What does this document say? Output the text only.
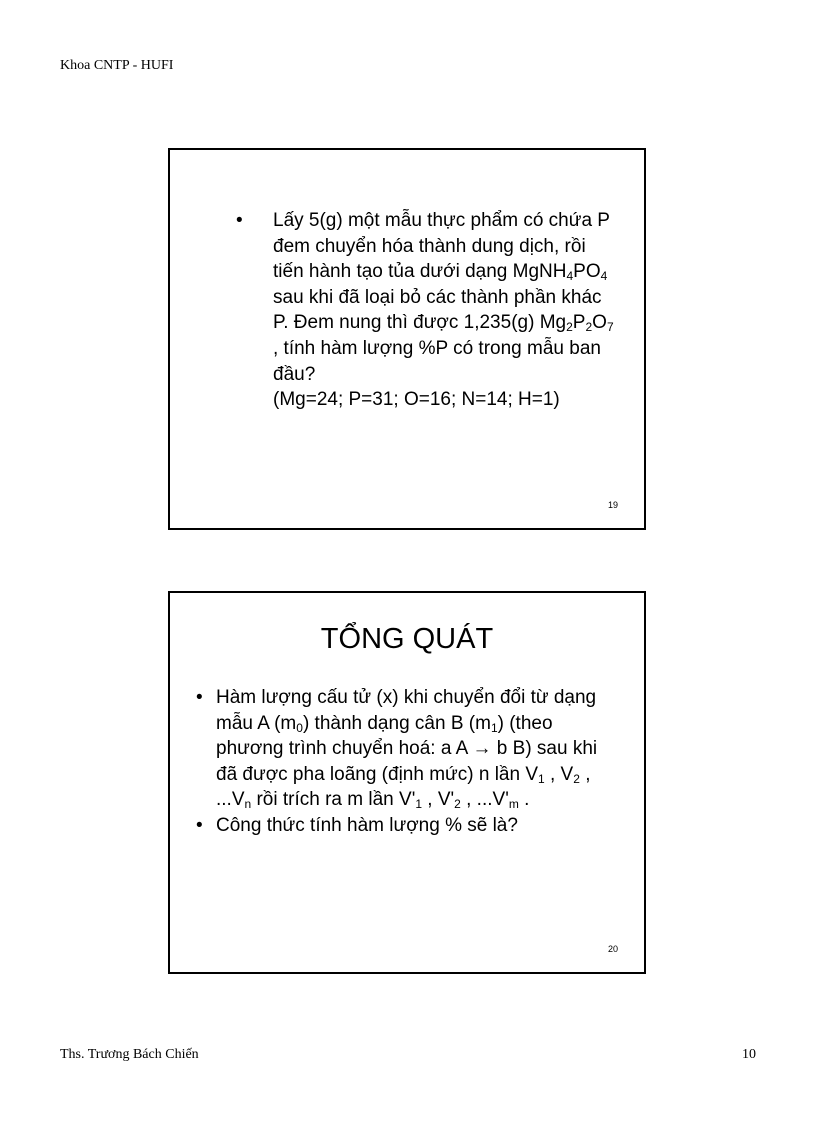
Khoa CNTP - HUFI
• Lấy 5(g) một mẫu thực phẩm có chứa P đem chuyển hóa thành dung dịch, rồi tiến hành tạo tủa dưới dạng $MgNH_4PO_4$ sau khi đã loại bỏ các thành phần khác P. Đem nung thì được 1,235(g) $Mg_2P_2O_7$ , tính hàm lượng %P có trong mẫu ban đầu?
(Mg=24; P=31; O=16; N=14; H=1)
19
TỔNG QUÁT
• Hàm lượng cấu tử (x) khi chuyển đổi từ dạng mẫu A $(m_0)$ thành dạng cân B $(m_1)$ (theo phương trình chuyển hoá: a A → b B) sau khi đã được pha loãng (định mức) n lần $V_1$ , $V_2$ , $...V_n$ rồi trích ra m lần $V'_1$ , $V'_2$ , $...V'_m$ .
• Công thức tính hàm lượng % sẽ là?
20
Ths. Trương Bách Chiến	10
